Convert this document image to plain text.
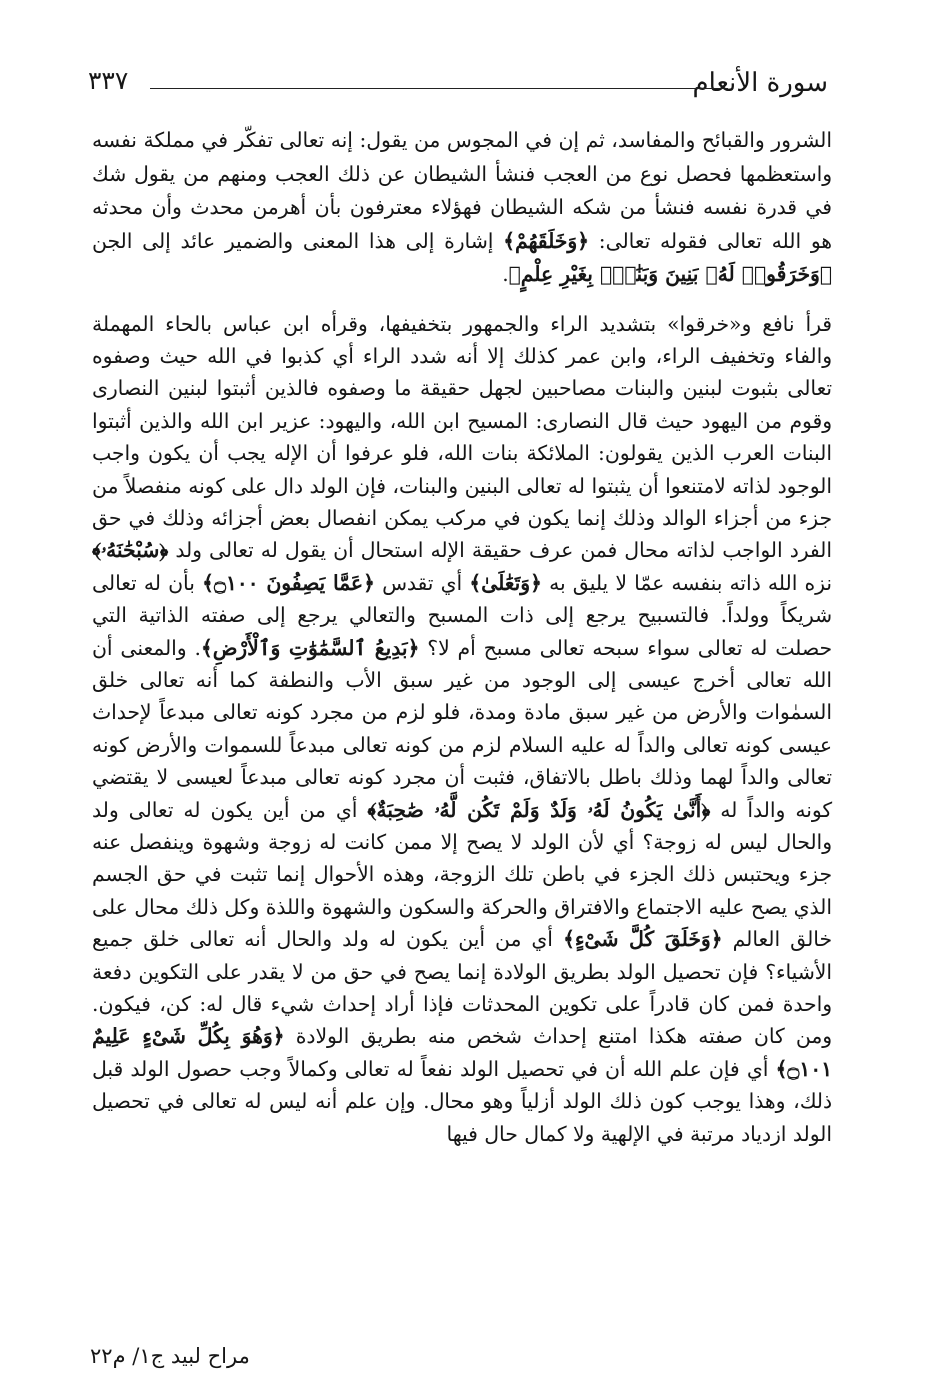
سورة الأنعام
٣٣٧

الشرور والقبائح والمفاسد، ثم إن في المجوس من يقول: إنه تعالى تفكّر في مملكة نفسه واستعظمها فحصل نوع من العجب فنشأ الشيطان عن ذلك العجب ومنهم من يقول شك في قدرة نفسه فنشأ من شكه الشيطان فهؤلاء معترفون بأن أهرمن محدث وأن محدثه هو الله تعالى فقوله تعالى: ﴿وَخَلَقَهُمْ﴾ إشارة إلى هذا المعنى والضمير عائد إلى الجن ﴿وَخَرَقُوا۟ لَهُۥ بَنِينَ وَبَنَٰتٍۭ بِغَيْرِ عِلْمٍ﴾.

قرأ نافع و«خرقوا» بتشديد الراء والجمهور بتخفيفها، وقرأه ابن عباس بالحاء المهملة والفاء وتخفيف الراء، وابن عمر كذلك إلا أنه شدد الراء أي كذبوا في الله حيث وصفوه تعالى بثبوت لبنين والبنات مصاحبين لجهل حقيقة ما وصفوه فالذين أثبتوا لبنين النصارى وقوم من اليهود حيث قال النصارى: المسيح ابن الله، واليهود: عزير ابن الله والذين أثبتوا البنات العرب الذين يقولون: الملائكة بنات الله، فلو عرفوا أن الإله يجب أن يكون واجب الوجود لذاته لامتنعوا أن يثبتوا له تعالى البنين والبنات، فإن الولد دال على كونه منفصلاً من جزء من أجزاء الوالد وذلك إنما يكون في مركب يمكن انفصال بعض أجزائه وذلك في حق الفرد الواجب لذاته محال فمن عرف حقيقة الإله استحال أن يقول له تعالى ولد ﴿سُبْحَٰنَهُۥ﴾ نزه الله ذاته بنفسه عمّا لا يليق به ﴿وَتَعَٰلَىٰ﴾ أي تقدس ﴿عَمَّا يَصِفُونَ ۝١٠٠﴾ بأن له تعالى شريكاً وولداً. فالتسبيح يرجع إلى ذات المسبح والتعالي يرجع إلى صفته الذاتية التي حصلت له تعالى سواء سبحه تعالى مسبح أم لا؟ ﴿بَدِيعُ ٱلسَّمَٰوَٰتِ وَٱلْأَرْضِ﴾. والمعنى أن الله تعالى أخرج عيسى إلى الوجود من غير سبق الأب والنطفة كما أنه تعالى خلق السمٰوات والأرض من غير سبق مادة ومدة، فلو لزم من مجرد كونه تعالى مبدعاً لإحداث عيسى كونه تعالى والداً له عليه السلام لزم من كونه تعالى مبدعاً للسموات والأرض كونه تعالى والداً لهما وذلك باطل بالاتفاق، فثبت أن مجرد كونه تعالى مبدعاً لعيسى لا يقتضي كونه والداً له ﴿أَنَّىٰ يَكُونُ لَهُۥ وَلَدٌ وَلَمْ تَكُن لَّهُۥ صَٰحِبَةٌ﴾ أي من أين يكون له تعالى ولد والحال ليس له زوجة؟ أي لأن الولد لا يصح إلا ممن كانت له زوجة وشهوة وينفصل عنه جزء ويحتبس ذلك الجزء في باطن تلك الزوجة، وهذه الأحوال إنما تثبت في حق الجسم الذي يصح عليه الاجتماع والافتراق والحركة والسكون والشهوة واللذة وكل ذلك محال على خالق العالم ﴿وَخَلَقَ كُلَّ شَىْءٍ﴾ أي من أين يكون له ولد والحال أنه تعالى خلق جميع الأشياء؟ فإن تحصيل الولد بطريق الولادة إنما يصح في حق من لا يقدر على التكوين دفعة واحدة فمن كان قادراً على تكوين المحدثات فإذا أراد إحداث شيء قال له: كن، فيكون. ومن كان صفته هكذا امتنع إحداث شخص منه بطريق الولادة ﴿وَهُوَ بِكُلِّ شَىْءٍ عَلِيمٌ ۝١٠١﴾ أي فإن علم الله أن في تحصيل الولد نفعاً له تعالى وكمالاً وجب حصول الولد قبل ذلك، وهذا يوجب كون ذلك الولد أزلياً وهو محال. وإن علم أنه ليس له تعالى في تحصيل الولد ازدياد مرتبة في الإلهية ولا كمال حال فيها

مراح لبيد ج١/ م٢٢
